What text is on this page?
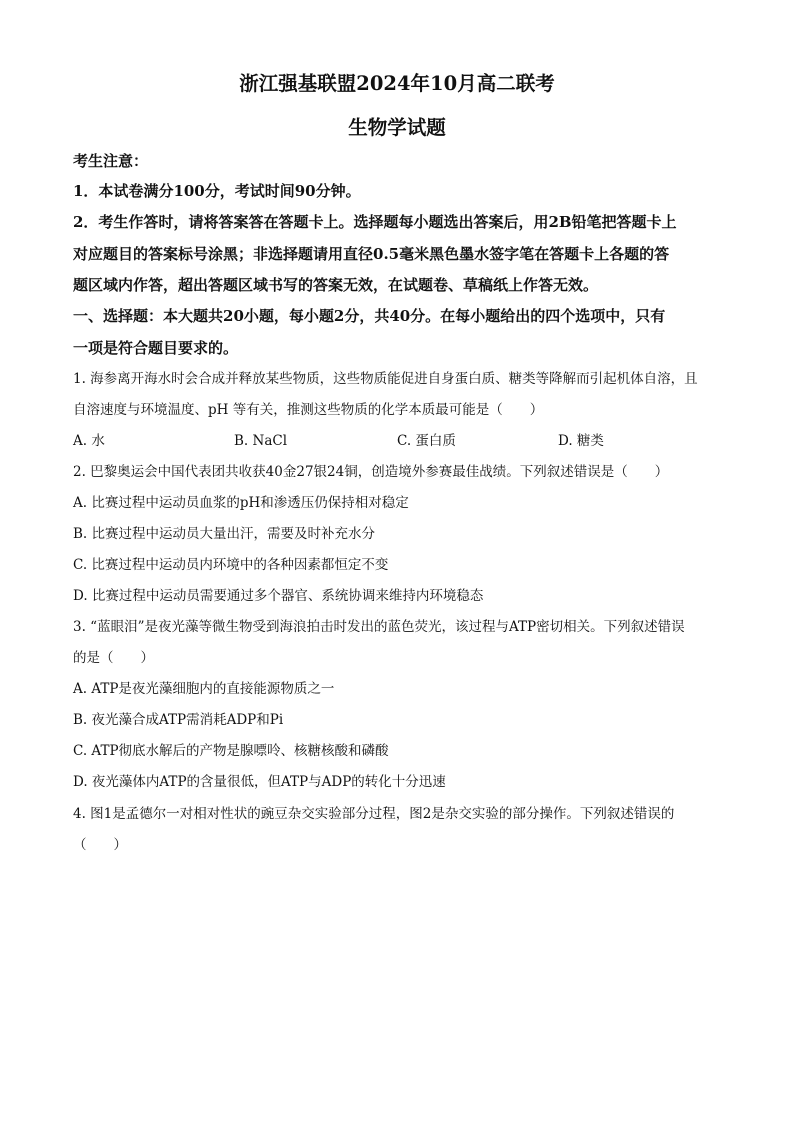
浙江强基联盟2024年10月高二联考
生物学试题
考生注意：
1．本试卷满分100分，考试时间90分钟。
2．考生作答时，请将答案答在答题卡上。选择题每小题选出答案后，用2B铅笔把答题卡上
对应题目的答案标号涂黑；非选择题请用直径0.5毫米黑色墨水签字笔在答题卡上各题的答
题区域内作答，超出答题区域书写的答案无效，在试题卷、草稿纸上作答无效。
一、选择题：本大题共20小题，每小题2分，共40分。在每小题给出的四个选项中，只有
一项是符合题目要求的。
1. 海参离开海水时会合成并释放某些物质，这些物质能促进自身蛋白质、糖类等降解而引起机体自溶，且
自溶速度与环境温度、pH 等有关，推测这些物质的化学本质最可能是（　　）
A. 水	B. NaCl	C. 蛋白质	D. 糖类
2. 巴黎奥运会中国代表团共收获40金27银24铜，创造境外参赛最佳战绩。下列叙述错误是（　　）
A. 比赛过程中运动员血浆的pH和渗透压仍保持相对稳定
B. 比赛过程中运动员大量出汗，需要及时补充水分
C. 比赛过程中运动员内环境中的各种因素都恒定不变
D. 比赛过程中运动员需要通过多个器官、系统协调来维持内环境稳态
3. “蓝眼泪”是夜光藻等微生物受到海浪拍击时发出的蓝色荧光，该过程与ATP密切相关。下列叙述错误
的是（　　）
A. ATP是夜光藻细胞内的直接能源物质之一
B. 夜光藻合成ATP需消耗ADP和Pi
C. ATP彻底水解后的产物是腺嘌呤、核糖核酸和磷酸
D. 夜光藻体内ATP的含量很低，但ATP与ADP的转化十分迅速
4. 图1是孟德尔一对相对性状的豌豆杂交实验部分过程，图2是杂交实验的部分操作。下列叙述错误的
（　　）
